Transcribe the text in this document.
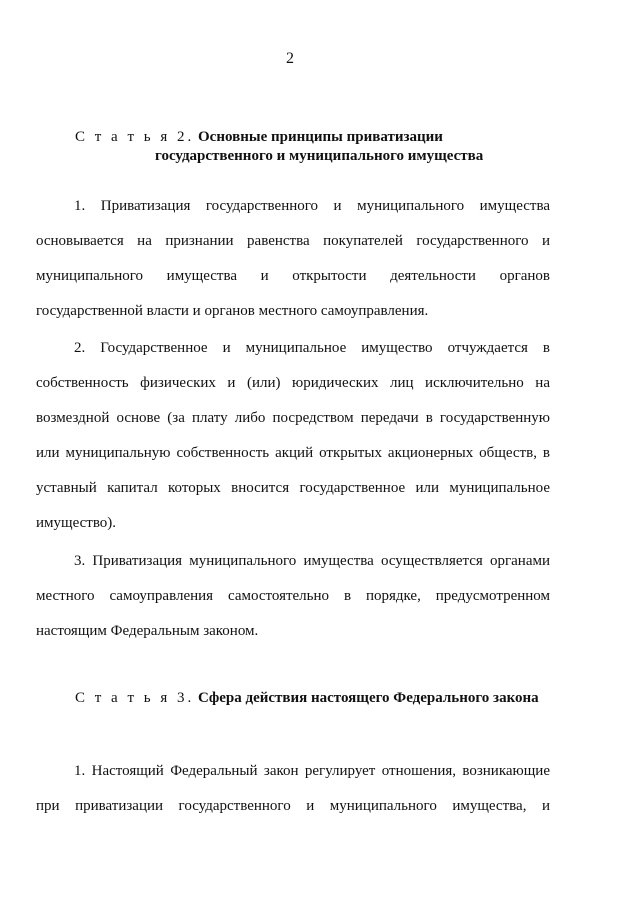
2
С т а т ь я 2. Основные принципы приватизации
государственного и муниципального имущества
1. Приватизация государственного и муниципального имущества
основывается на признании равенства покупателей государственного и
муниципального имущества и открытости деятельности органов
государственной власти и органов местного самоуправления.
2. Государственное и муниципальное имущество отчуждается в
собственность физических и (или) юридических лиц исключительно на
возмездной основе (за плату либо посредством передачи в государственную
или муниципальную собственность акций открытых акционерных обществ, в
уставный капитал которых вносится государственное или муниципальное
имущество).
3. Приватизация муниципального имущества осуществляется органами
местного самоуправления самостоятельно в порядке, предусмотренном
настоящим Федеральным законом.
С т а т ь я 3. Сфера действия настоящего Федерального закона
1. Настоящий Федеральный закон регулирует отношения, возникающие
при приватизации государственного и муниципального имущества, и
